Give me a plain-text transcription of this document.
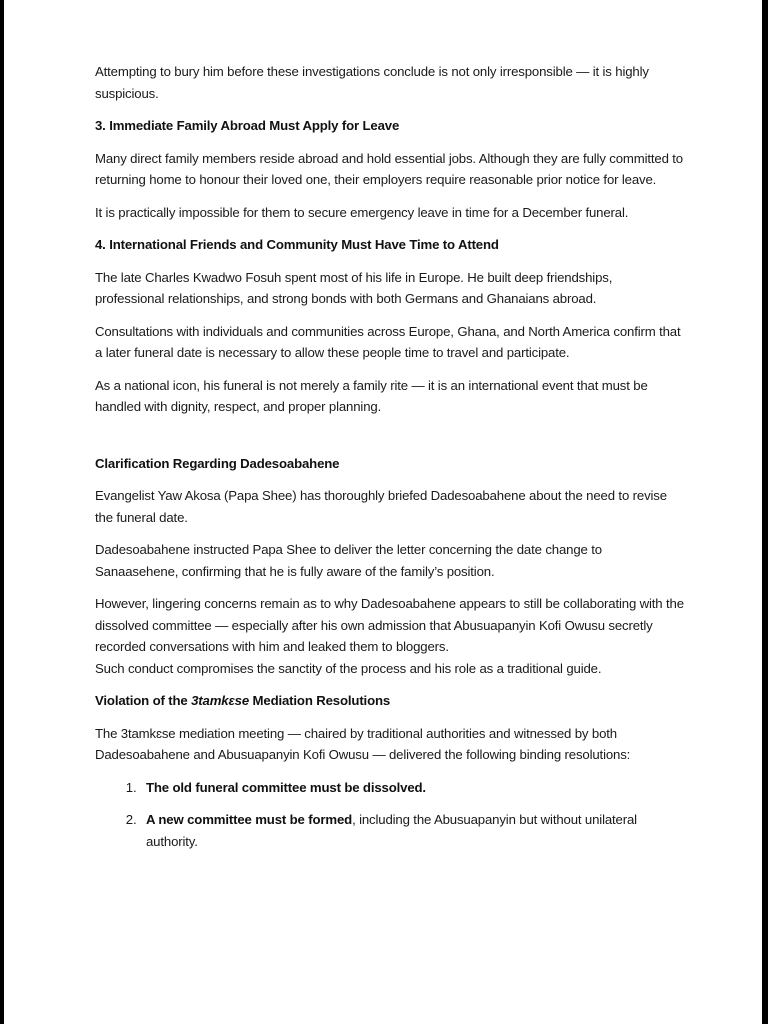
Attempting to bury him before these investigations conclude is not only irresponsible — it is highly suspicious.

3. Immediate Family Abroad Must Apply for Leave

Many direct family members reside abroad and hold essential jobs. Although they are fully committed to returning home to honour their loved one, their employers require reasonable prior notice for leave.

It is practically impossible for them to secure emergency leave in time for a December funeral.

4. International Friends and Community Must Have Time to Attend

The late Charles Kwadwo Fosuh spent most of his life in Europe. He built deep friendships, professional relationships, and strong bonds with both Germans and Ghanaians abroad.

Consultations with individuals and communities across Europe, Ghana, and North America confirm that a later funeral date is necessary to allow these people time to travel and participate.

As a national icon, his funeral is not merely a family rite — it is an international event that must be handled with dignity, respect, and proper planning.

Clarification Regarding Dadesoabahene

Evangelist Yaw Akosa (Papa Shee) has thoroughly briefed Dadesoabahene about the need to revise the funeral date.

Dadesoabahene instructed Papa Shee to deliver the letter concerning the date change to Sanaasehene, confirming that he is fully aware of the family’s position.

However, lingering concerns remain as to why Dadesoabahene appears to still be collaborating with the dissolved committee — especially after his own admission that Abusuapanyin Kofi Owusu secretly recorded conversations with him and leaked them to bloggers.

Such conduct compromises the sanctity of the process and his role as a traditional guide.

Violation of the 3tamkɛse Mediation Resolutions

The 3tamkɛse mediation meeting — chaired by traditional authorities and witnessed by both Dadesoabahene and Abusuapanyin Kofi Owusu — delivered the following binding resolutions:

1. The old funeral committee must be dissolved.
2. A new committee must be formed, including the Abusuapanyin but without unilateral authority.
